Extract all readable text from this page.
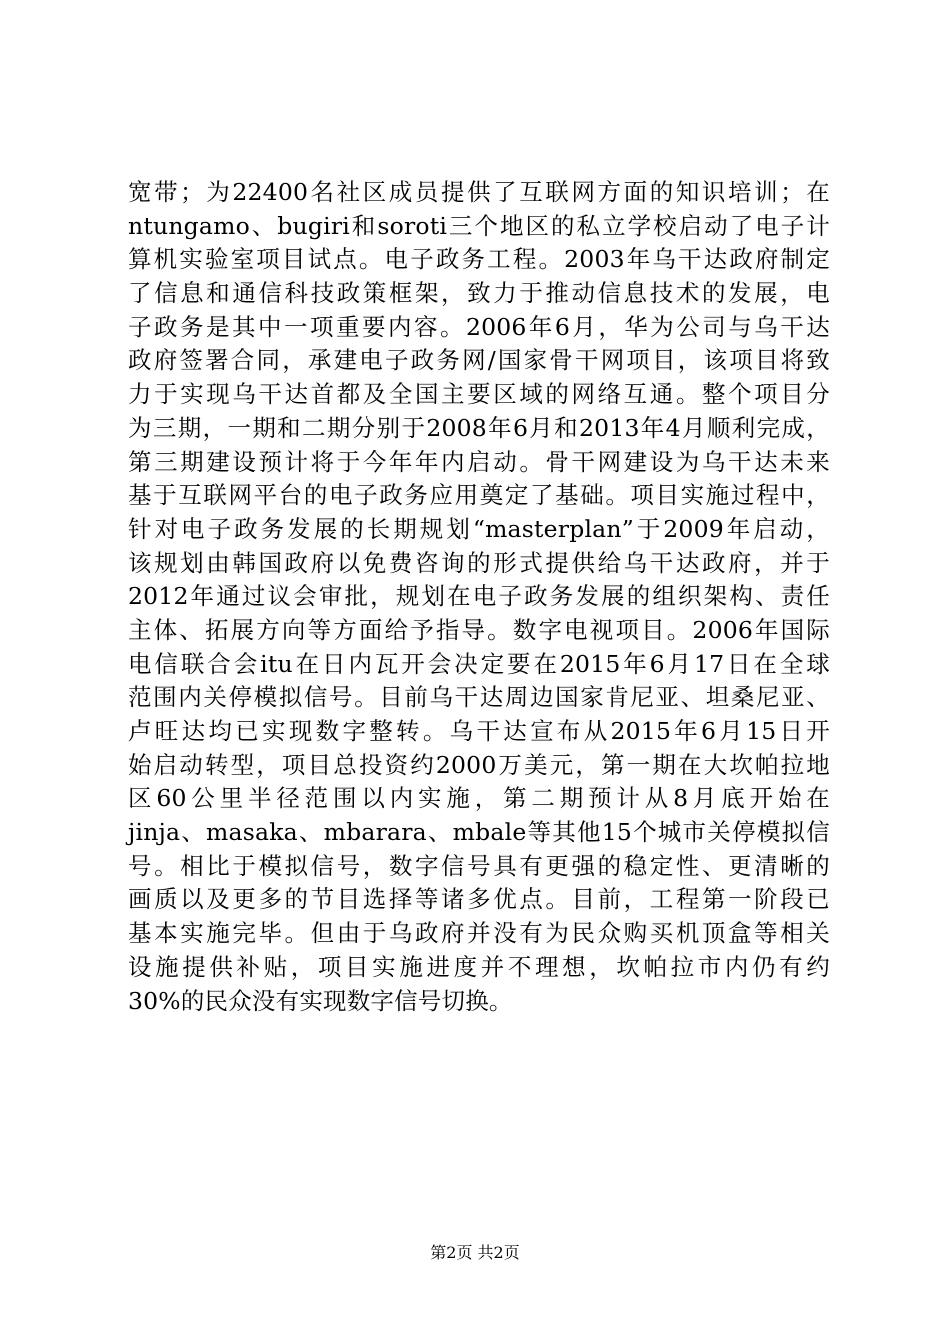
宽带；为22400名社区成员提供了互联网方面的知识培训；在
ntungamo、bugiri和soroti三个地区的私立学校启动了电子计
算机实验室项目试点。电子政务工程。2003年乌干达政府制定
了信息和通信科技政策框架，致力于推动信息技术的发展，电
子政务是其中一项重要内容。2006年6月，华为公司与乌干达
政府签署合同，承建电子政务网/国家骨干网项目，该项目将致
力于实现乌干达首都及全国主要区域的网络互通。整个项目分
为三期，一期和二期分别于2008年6月和2013年4月顺利完成，
第三期建设预计将于今年年内启动。骨干网建设为乌干达未来
基于互联网平台的电子政务应用奠定了基础。项目实施过程中，
针对电子政务发展的长期规划“masterplan”于2009年启动，
该规划由韩国政府以免费咨询的形式提供给乌干达政府，并于
2012年通过议会审批，规划在电子政务发展的组织架构、责任
主体、拓展方向等方面给予指导。数字电视项目。2006年国际
电信联合会itu在日内瓦开会决定要在2015年6月17日在全球
范围内关停模拟信号。目前乌干达周边国家肯尼亚、坦桑尼亚、
卢旺达均已实现数字整转。乌干达宣布从2015年6月15日开
始启动转型，项目总投资约2000万美元，第一期在大坎帕拉地
区60公里半径范围以内实施，第二期预计从8月底开始在
jinja、masaka、mbarara、mbale等其他15个城市关停模拟信
号。相比于模拟信号，数字信号具有更强的稳定性、更清晰的
画质以及更多的节目选择等诸多优点。目前，工程第一阶段已
基本实施完毕。但由于乌政府并没有为民众购买机顶盒等相关
设施提供补贴，项目实施进度并不理想，坎帕拉市内仍有约
30%的民众没有实现数字信号切换。
第2页 共2页
